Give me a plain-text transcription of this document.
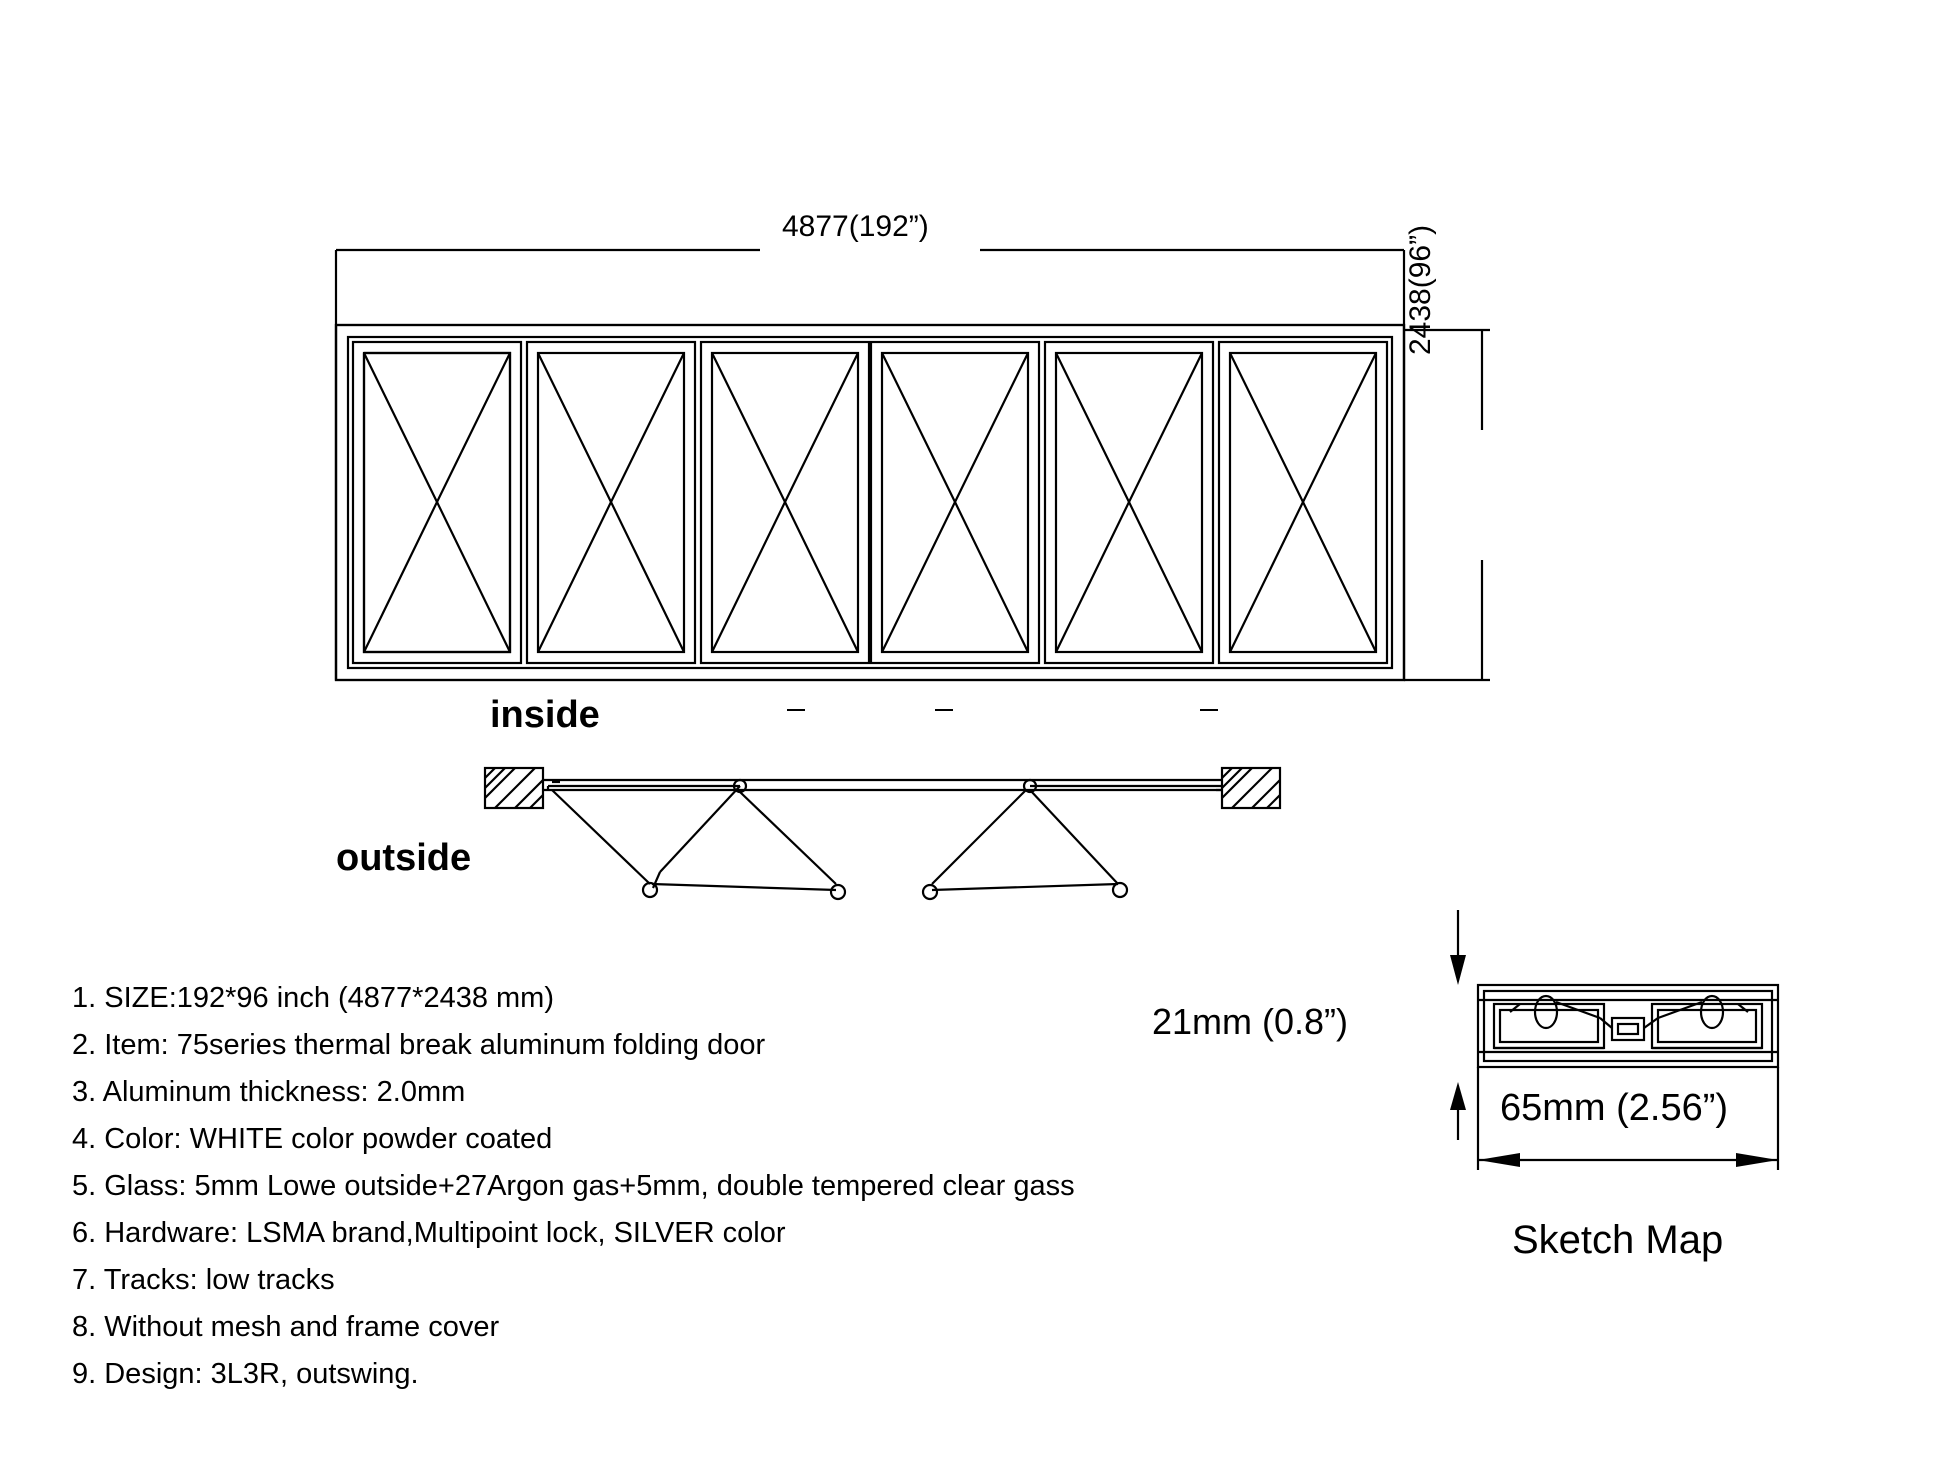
4877(192”)	2438(96”)
inside
outside
1. SIZE:192*96 inch (4877*2438 mm)
2. Item: 75series thermal break aluminum folding door
3. Aluminum thickness: 2.0mm
4. Color: WHITE color powder coated
5. Glass: 5mm Lowe outside+27Argon gas+5mm, double tempered clear gass
6. Hardware: LSMA brand,Multipoint lock, SILVER color
7. Tracks: low tracks
8. Without mesh and frame cover
9. Design: 3L3R, outswing.
21mm (0.8”)
65mm (2.56”)
Sketch Map
